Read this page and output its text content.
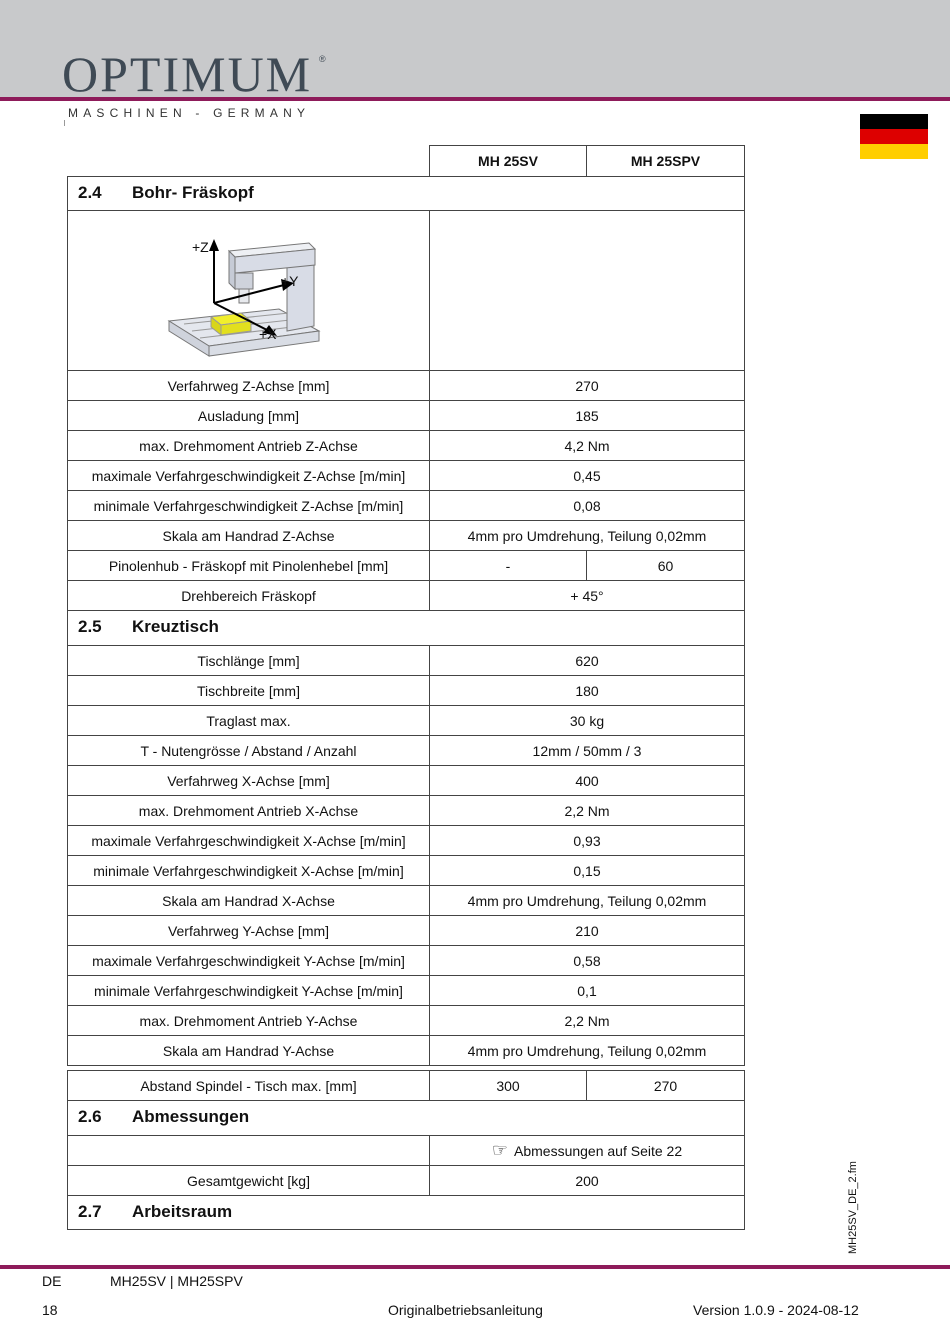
OPTIMUM ®
MASCHINEN - GERMANY
MH 25SV	MH 25SPV
2.4 Bohr- Fräskopf
+Z
+Y
+X
Verfahrweg Z-Achse [mm]	270
Ausladung [mm]	185
max. Drehmoment Antrieb Z-Achse	4,2 Nm
maximale Verfahrgeschwindigkeit Z-Achse [m/min]	0,45
minimale Verfahrgeschwindigkeit Z-Achse [m/min]	0,08
Skala am Handrad Z-Achse	4mm pro Umdrehung, Teilung 0,02mm
Pinolenhub - Fräskopf mit Pinolenhebel [mm]	-	60
Drehbereich Fräskopf	+ 45°
2.5 Kreuztisch
Tischlänge [mm]	620
Tischbreite [mm]	180
Traglast max.	30 kg
T - Nutengrösse / Abstand / Anzahl	12mm / 50mm / 3
Verfahrweg X-Achse [mm]	400
max. Drehmoment Antrieb X-Achse	2,2 Nm
maximale Verfahrgeschwindigkeit X-Achse [m/min]	0,93
minimale Verfahrgeschwindigkeit X-Achse [m/min]	0,15
Skala am Handrad X-Achse	4mm pro Umdrehung, Teilung 0,02mm
Verfahrweg Y-Achse [mm]	210
maximale Verfahrgeschwindigkeit Y-Achse [m/min]	0,58
minimale Verfahrgeschwindigkeit Y-Achse [m/min]	0,1
max. Drehmoment Antrieb Y-Achse	2,2 Nm
Skala am Handrad Y-Achse	4mm pro Umdrehung, Teilung 0,02mm
Abstand Spindel - Tisch max. [mm]	300	270
2.6 Abmessungen
☞ Abmessungen auf Seite 22
Gesamtgewicht [kg]	200
2.7 Arbeitsraum	MH25SV_DE_2.fm
DE	MH25SV | MH25SPV
18	Originalbetriebsanleitung	Version 1.0.9 - 2024-08-12
